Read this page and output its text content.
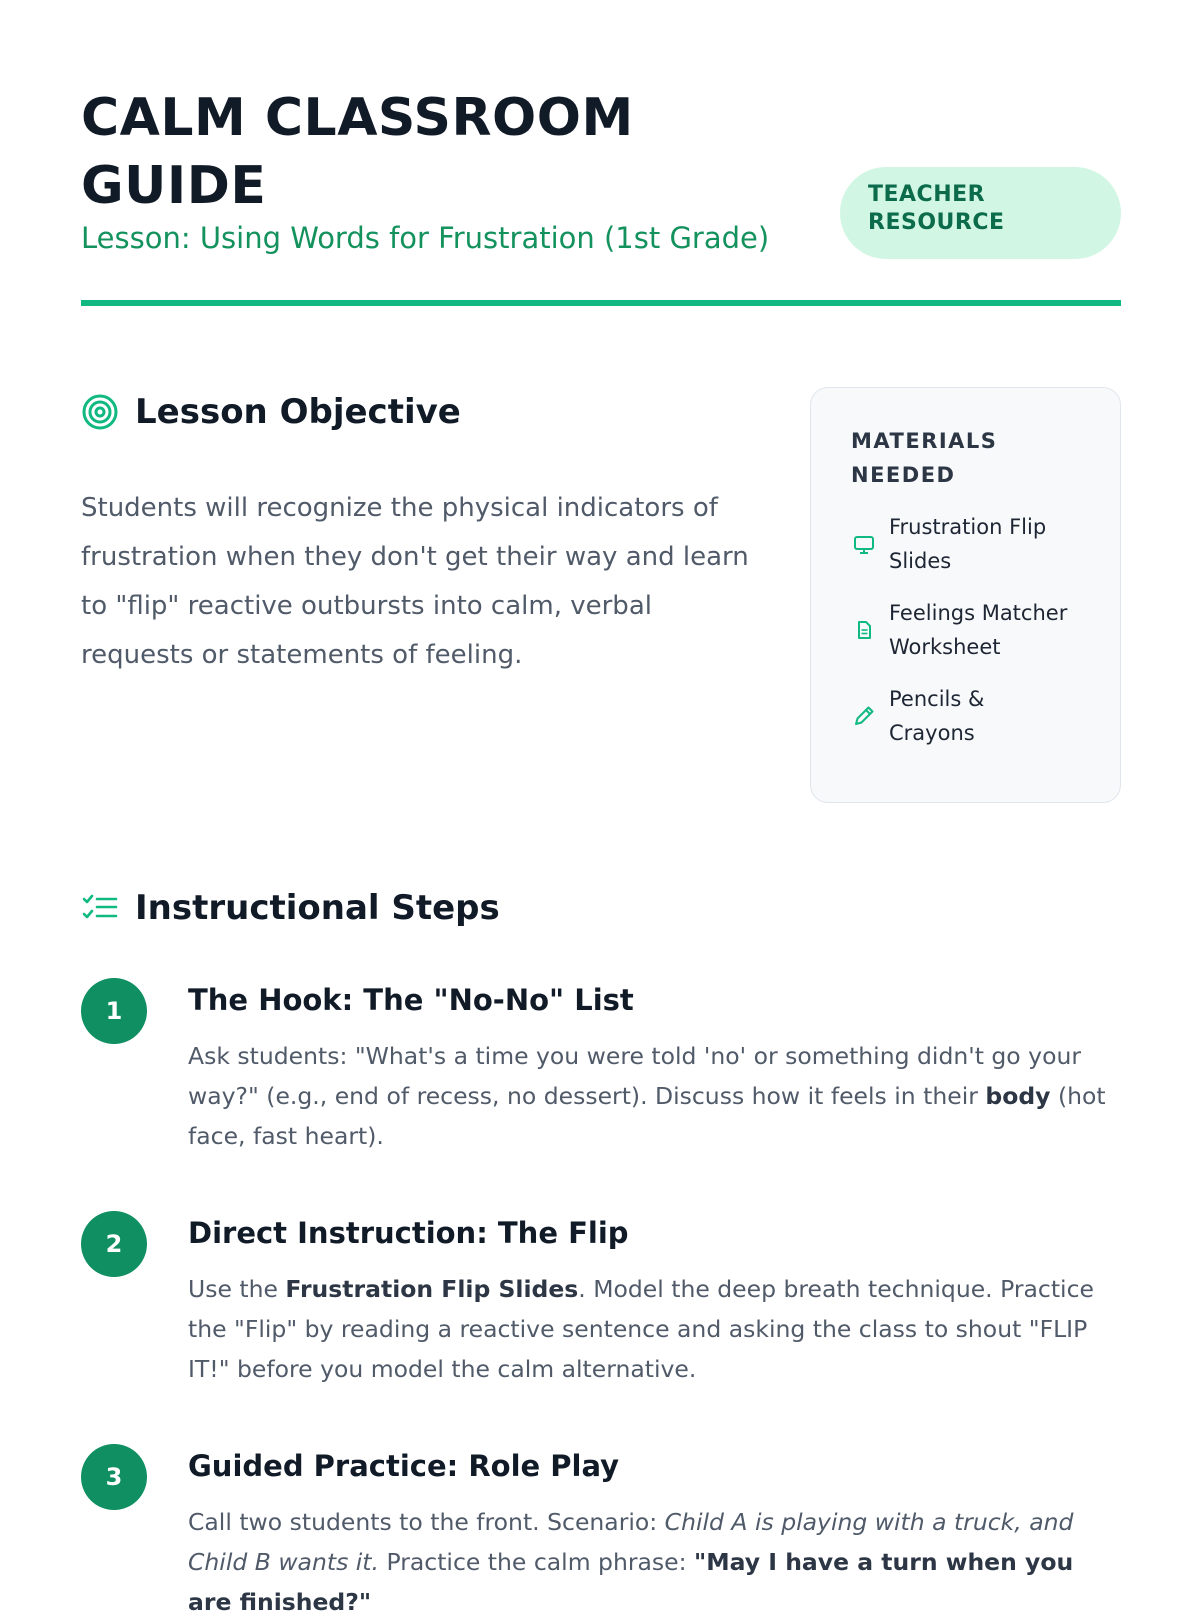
CALM CLASSROOM
GUIDE
Lesson: Using Words for Frustration (1st Grade)
TEACHER
RESOURCE
Lesson Objective
Students will recognize the physical indicators of frustration when they don't get their way and learn to "flip" reactive outbursts into calm, verbal requests or statements of feeling.
MATERIALS
NEEDED
Frustration Flip
Slides
Feelings Matcher
Worksheet
Pencils &
Crayons
Instructional Steps
1	The Hook: The "No-No" List
Ask students: "What's a time you were told 'no' or something didn't go your way?" (e.g., end of recess, no dessert). Discuss how it feels in their body (hot face, fast heart).
2	Direct Instruction: The Flip
Use the Frustration Flip Slides. Model the deep breath technique. Practice the "Flip" by reading a reactive sentence and asking the class to shout "FLIP IT!" before you model the calm alternative.
3	Guided Practice: Role Play
Call two students to the front. Scenario: Child A is playing with a truck, and Child B wants it. Practice the calm phrase: "May I have a turn when you are finished?"
